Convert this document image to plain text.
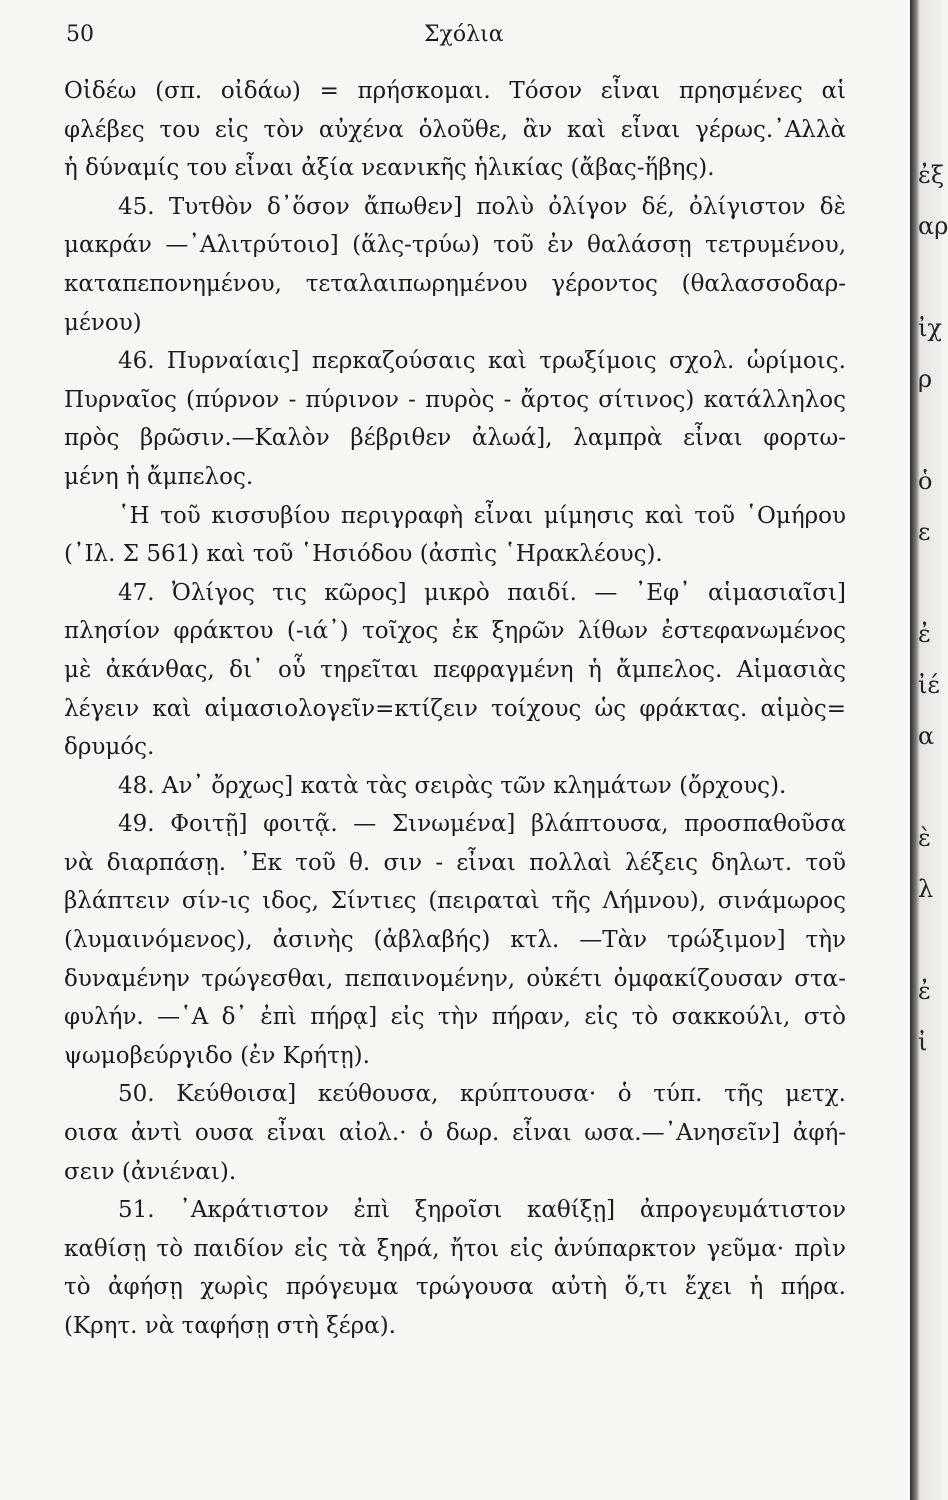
50	Σχόλια
Οἰδέω (σπ. οἰδάω) = πρήσκομαι. Τόσον εἶναι πρησμένες αἱ
φλέβες του εἰς τὸν αὐχένα ὁλοῦθε, ἂν καὶ εἶναι γέρως.᾽Αλλὰ
ἡ δύναμίς του εἶναι ἀξία νεανικῆς ἡλικίας (ἄβας-ἥβης).
45. Τυτθὸν δ᾽ὅσον ἄπωθεν] πολὺ ὀλίγον δέ, ὀλίγιστον δὲ
μακράν —᾿Αλιτρύτοιο] (ἅλς-τρύω) τοῦ ἐν θαλάσσῃ τετρυμένου,
καταπεπονημένου, τεταλαιπωρημένου γέροντος (θαλασσοδαρ-
μένου)
46. Πυρναίαις] περκαζούσαις καὶ τρωξίμοις σχολ. ὡρίμοις.
Πυρναῖος (πύρνον - πύρινον - πυρὸς - ἄρτος σίτινος) κατάλληλος
πρὸς βρῶσιν.—Καλὸν βέβριθεν ἀλωά], λαμπρὰ εἶναι φορτω-
μένη ἡ ἄμπελος.
῾Η τοῦ κισσυβίου περιγραφὴ εἶναι μίμησις καὶ τοῦ ῾Ομήρου
(᾽Ιλ. Σ 561) καὶ τοῦ ῾Ησιόδου (ἀσπὶς ῾Ηρακλέους).
47. Ὀλίγος τις κῶρος] μικρὸ παιδί. — ᾽Εφ᾽ αἱμασιαῖσι]
πλησίον φράκτου (-ιά᾽) τοῖχος ἐκ ξηρῶν λίθων ἐστεφανωμένος
μὲ ἀκάνθας, δι᾽ οὗ τηρεῖται πεφραγμένη ἡ ἄμπελος. Αἱμασιὰς
λέγειν καὶ αἱμασιολογεῖν=κτίζειν τοίχους ὡς φράκτας. αἱμὸς=
δρυμός.
48. Αν᾽ ὄρχως] κατὰ τὰς σειρὰς τῶν κλημάτων (ὄρχους).
49. Φοιτῇ] φοιτᾷ. — Σινωμένα] βλάπτουσα, προσπαθοῦσα
νὰ διαρπάσῃ. ᾽Εκ τοῦ θ. σιν - εἶναι πολλαὶ λέξεις δηλωτ. τοῦ
βλάπτειν σίν-ις ιδος, Σίντιες (πειραταὶ τῆς Λήμνου), σινάμωρος
(λυμαινόμενος), ἀσινὴς (ἀβλαβής) κτλ. —Τὰν τρώξιμον] τὴν
δυναμένην τρώγεσθαι, πεπαινομένην, οὐκέτι ὀμφακίζουσαν στα-
φυλήν. —῾Α δ᾽ ἐπὶ πήρᾳ] εἰς τὴν πήραν, εἰς τὸ σακκούλι, στὸ
ψωμοβεύργιδο (ἐν Κρήτῃ).
50. Κεύθοισα] κεύθουσα, κρύπτουσα· ὁ τύπ. τῆς μετχ.
οισα ἀντὶ ουσα εἶναι αἰολ.· ὁ δωρ. εἶναι ωσα.—᾽Ανησεῖν] ἀφή-
σειν (ἀνιέναι).
51. ᾽Ακράτιστον ἐπὶ ξηροῖσι καθίξῃ] ἀπρογευμάτιστον
καθίσῃ τὸ παιδίον εἰς τὰ ξηρά, ἤτοι εἰς ἀνύπαρκτον γεῦμα· πρὶν
τὸ ἀφήσῃ χωρὶς πρόγευμα τρώγουσα αὐτὴ ὅ,τι ἔχει ἡ πήρα.
(Κρητ. νὰ ταφήσῃ στὴ ξέρα).
ἐξ
αρ
ἰχ
ρ
ὁ
ε
ἐ
ἰέ
α
ὲ
λ
ἐ
ἰ
